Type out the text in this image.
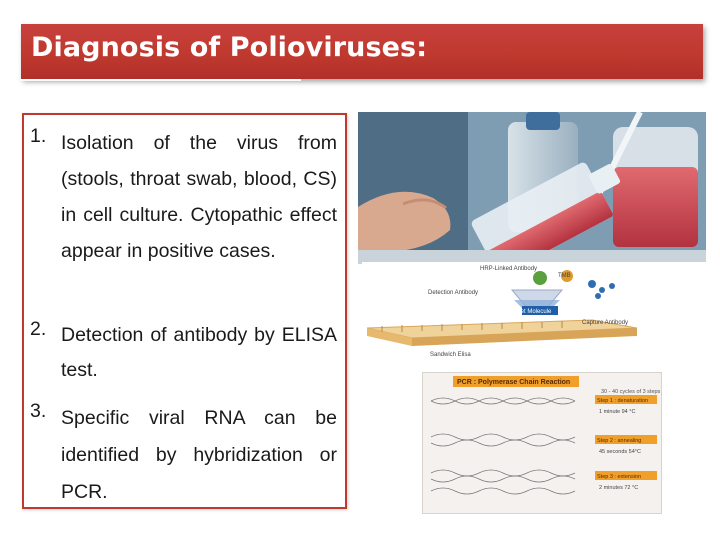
Diagnosis of Polioviruses:
1. Isolation of the virus from (stools, throat swab, blood, CS) in cell culture. Cytopathic effect appear in positive cases.
2. Detection of antibody by ELISA test.
3. Specific viral RNA can be identified by hybridization or PCR.
HRP-Linked Antibody
Detection Antibody
TMB
Target Molecule
Capture Antibody
Sandwich Elisa
PCR : Polymerase Chain Reaction
30 - 40 cycles of 3 steps
Step 1 : denaturation
1 minute 94 °C
Step 2 : annealing
45 seconds 54°C
Step 3 : extension
2 minutes 72 °C
